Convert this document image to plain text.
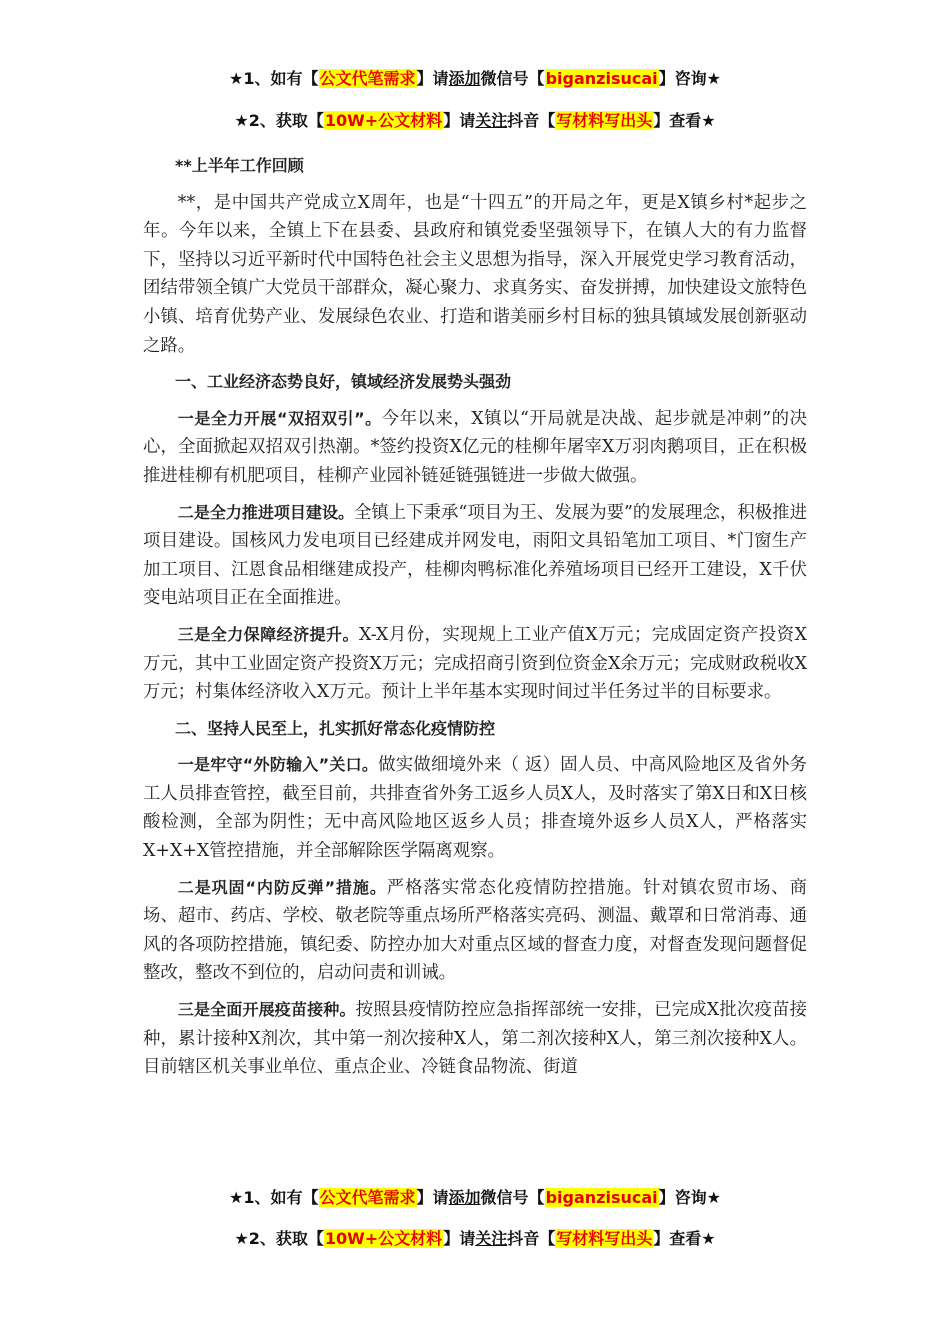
★1、如有【公文代笔需求】请添加微信号【biganzisucai】咨询★
★2、获取【10W+公文材料】请关注抖音【写材料写出头】查看★

**上半年工作回顾

**，是中国共产党成立X周年，也是“十四五”的开局之年，更是X镇乡村*起步之年。今年以来，全镇上下在县委、县政府和镇党委坚强领导下，在镇人大的有力监督下，坚持以习近平新时代中国特色社会主义思想为指导，深入开展党史学习教育活动，团结带领全镇广大党员干部群众，凝心聚力、求真务实、奋发拼搏，加快建设文旅特色小镇、培育优势产业、发展绿色农业、打造和谐美丽乡村目标的独具镇域发展创新驱动之路。

一、工业经济态势良好，镇域经济发展势头强劲

一是全力开展“双招双引”。今年以来，X镇以“开局就是决战、起步就是冲刺”的决心，全面掀起双招双引热潮。*签约投资X亿元的桂柳年屠宰X万羽肉鹅项目，正在积极推进桂柳有机肥项目，桂柳产业园补链延链强链进一步做大做强。

二是全力推进项目建设。全镇上下秉承“项目为王、发展为要”的发展理念，积极推进项目建设。国核风力发电项目已经建成并网发电，雨阳文具铅笔加工项目、*门窗生产加工项目、江恩食品相继建成投产，桂柳肉鸭标准化养殖场项目已经开工建设，X千伏变电站项目正在全面推进。

三是全力保障经济提升。X-X月份，实现规上工业产值X万元；完成固定资产投资X万元，其中工业固定资产投资X万元；完成招商引资到位资金X余万元；完成财政税收X万元；村集体经济收入X万元。预计上半年基本实现时间过半任务过半的目标要求。

二、坚持人民至上，扎实抓好常态化疫情防控

一是牢守“外防输入”关口。做实做细境外来（ 返）固人员、中高风险地区及省外务工人员排查管控，截至目前，共排查省外务工返乡人员X人，及时落实了第X日和X日核酸检测，全部为阴性；无中高风险地区返乡人员；排查境外返乡人员X人，严格落实X+X+X管控措施，并全部解除医学隔离观察。

二是巩固“内防反弹”措施。严格落实常态化疫情防控措施。针对镇农贸市场、商场、超市、药店、学校、敬老院等重点场所严格落实亮码、测温、戴罩和日常消毒、通风的各项防控措施，镇纪委、防控办加大对重点区域的督查力度，对督查发现问题督促整改，整改不到位的，启动问责和训诫。

三是全面开展疫苗接种。按照县疫情防控应急指挥部统一安排，已完成X批次疫苗接种，累计接种X剂次，其中第一剂次接种X人，第二剂次接种X人，第三剂次接种X人。目前辖区机关事业单位、重点企业、冷链食品物流、街道

★1、如有【公文代笔需求】请添加微信号【biganzisucai】咨询★
★2、获取【10W+公文材料】请关注抖音【写材料写出头】查看★
